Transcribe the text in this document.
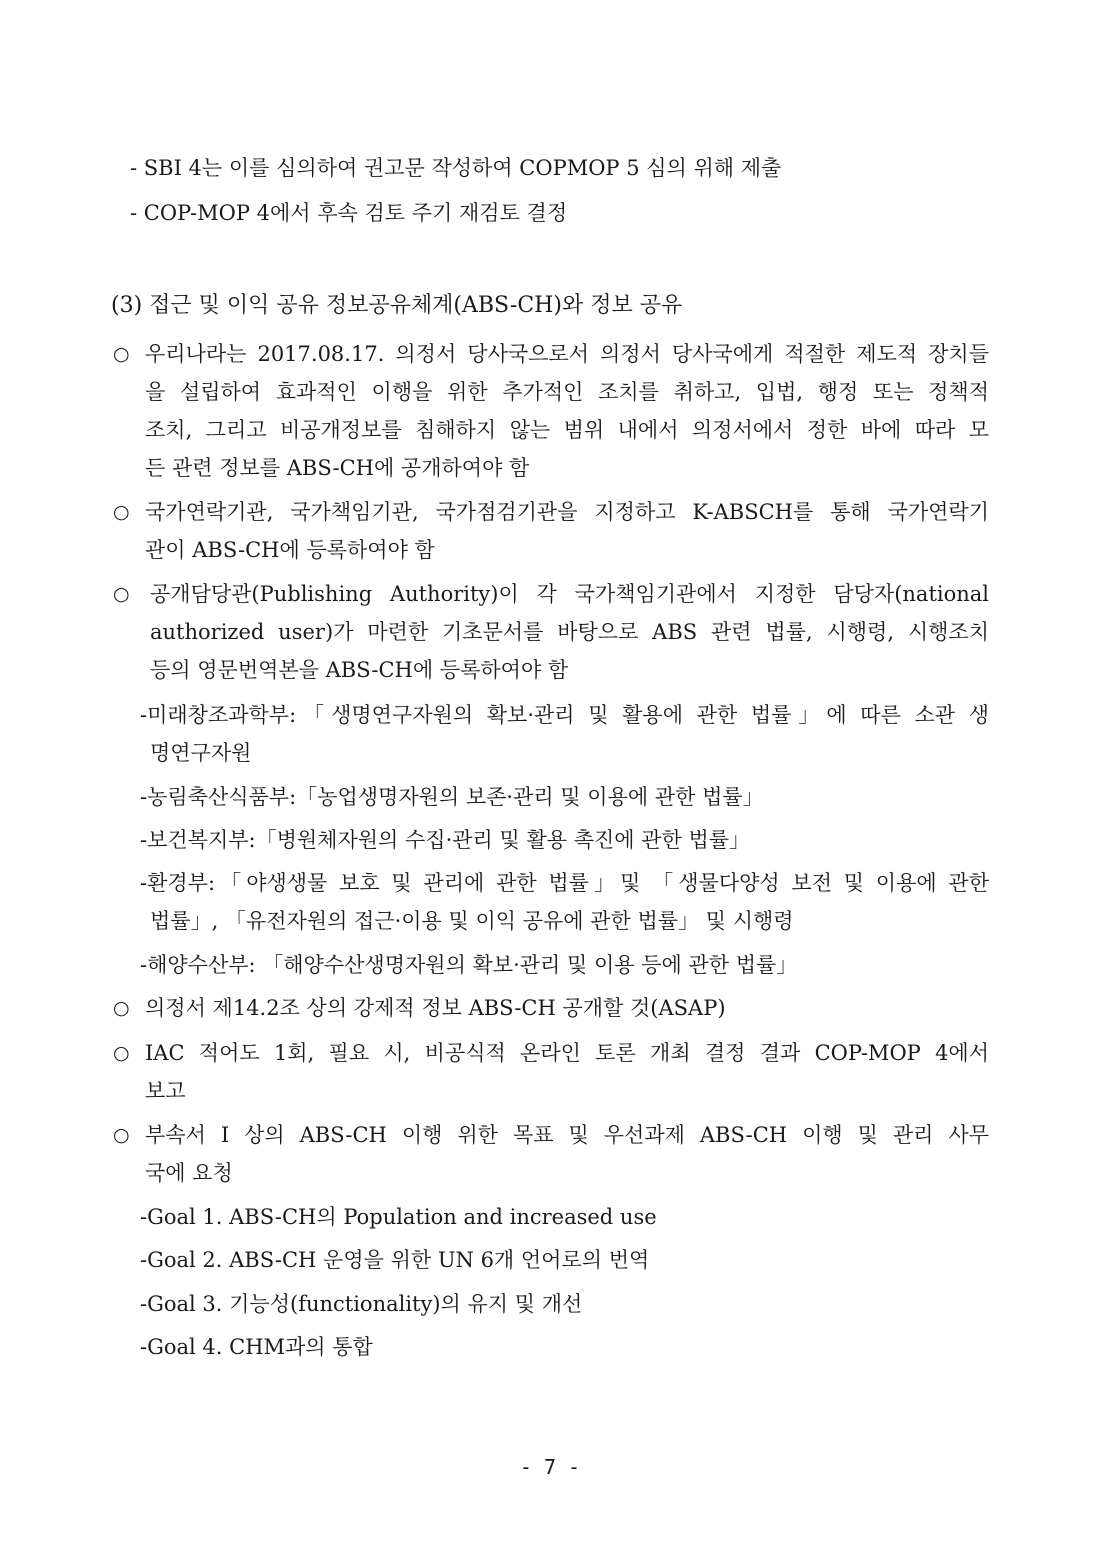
- SBI 4는 이를 심의하여 권고문 작성하여 COPMOP 5 심의 위해 제출

- COP-MOP 4에서 후속 검토 주기 재검토 결정

(3) 접근 및 이익 공유 정보공유체계(ABS-CH)와 정보 공유

○ 우리나라는 2017.08.17. 의정서 당사국으로서 의정서 당사국에게 적절한 제도적 장치들

을 설립하여 효과적인 이행을 위한 추가적인 조치를 취하고, 입법, 행정 또는 정책적

조치, 그리고 비공개정보를 침해하지 않는 범위 내에서 의정서에서 정한 바에 따라 모

든 관련 정보를 ABS-CH에 공개하여야 함

○ 국가연락기관, 국가책임기관, 국가점검기관을 지정하고 K-ABSCH를 통해 국가연락기

관이 ABS-CH에 등록하여야 함

○ 공개담당관(Publishing Authority)이 각 국가책임기관에서 지정한 담당자(national

authorized user)가 마련한 기초문서를 바탕으로 ABS 관련 법률, 시행령, 시행조치

등의 영문번역본을 ABS-CH에 등록하여야 함

-미래창조과학부:「생명연구자원의 확보·관리 및 활용에 관한 법률」에 따른 소관 생

명연구자원

-농림축산식품부:「농업생명자원의 보존·관리 및 이용에 관한 법률」

-보건복지부:「병원체자원의 수집·관리 및 활용 촉진에 관한 법률」

-환경부:「야생생물 보호 및 관리에 관한 법률」및 「생물다양성 보전 및 이용에 관한

법률」, 「유전자원의 접근·이용 및 이익 공유에 관한 법률」 및 시행령

-해양수산부: 「해양수산생명자원의 확보·관리 및 이용 등에 관한 법률」

○ 의정서 제14.2조 상의 강제적 정보 ABS-CH 공개할 것(ASAP)

○ IAC 적어도 1회, 필요 시, 비공식적 온라인 토론 개최 결정 결과 COP-MOP 4에서

보고

○ 부속서 I 상의 ABS-CH 이행 위한 목표 및 우선과제 ABS-CH 이행 및 관리 사무

국에 요청

-Goal 1. ABS-CH의 Population and increased use

-Goal 2. ABS-CH 운영을 위한 UN 6개 언어로의 번역

-Goal 3. 기능성(functionality)의 유지 및 개선

-Goal 4. CHM과의 통합

- 7 -
